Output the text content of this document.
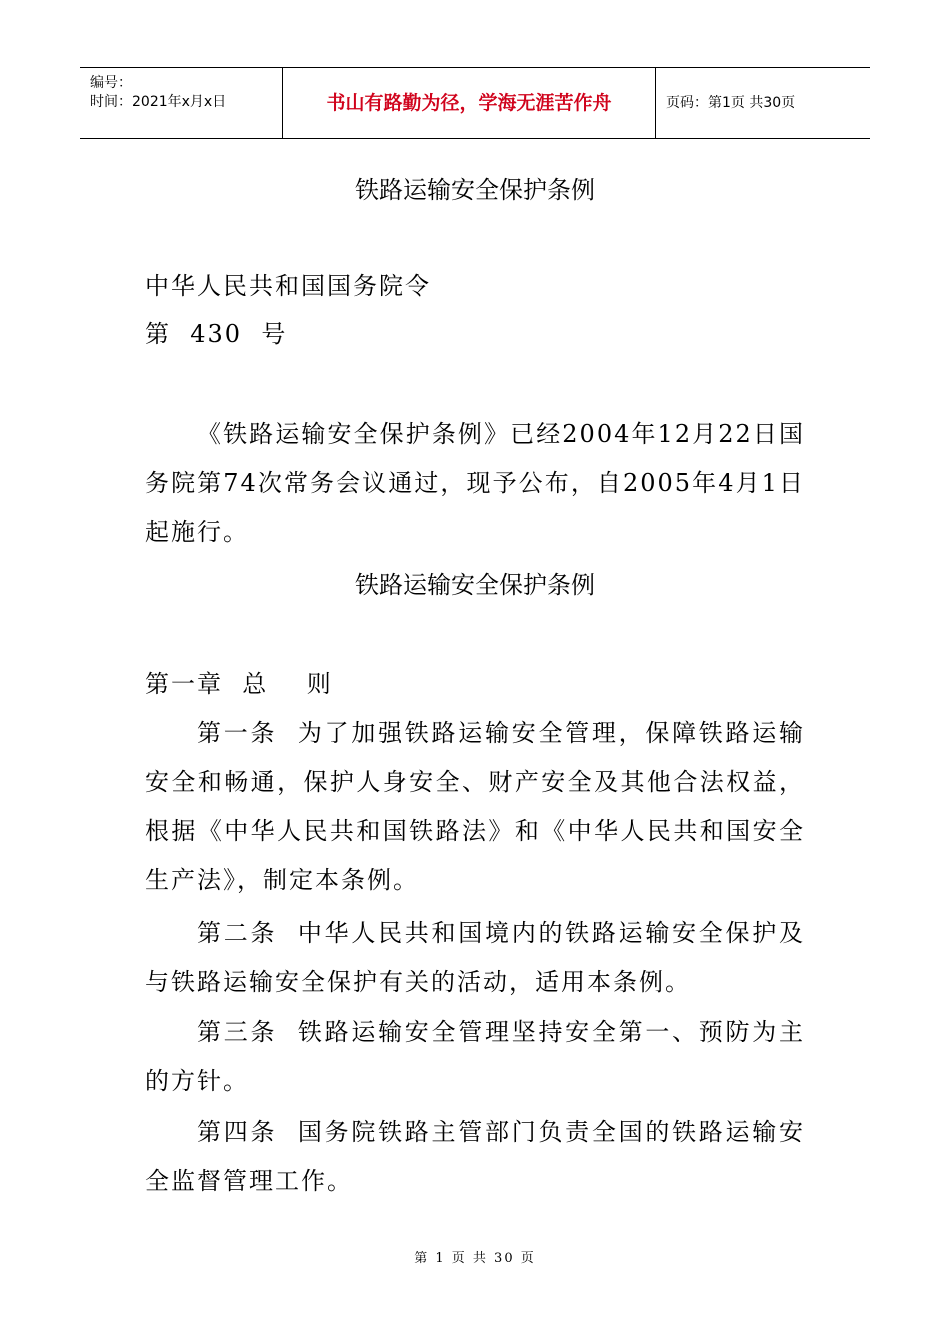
编号：
时间：2021年x月x日	书山有路勤为径，学海无涯苦作舟	页码：第1页 共30页
铁路运输安全保护条例
中华人民共和国国务院令
第  430  号

《铁路运输安全保护条例》已经2004年12月22日国务院第74次常务会议通过，现予公布，自2005年4月1日起施行。

铁路运输安全保护条例
第一章  总    则

第一条  为了加强铁路运输安全管理，保障铁路运输安全和畅通，保护人身安全、财产安全及其他合法权益，根据《中华人民共和国铁路法》和《中华人民共和国安全生产法》，制定本条例。

第二条  中华人民共和国境内的铁路运输安全保护及与铁路运输安全保护有关的活动，适用本条例。

第三条  铁路运输安全管理坚持安全第一、预防为主的方针。

第四条  国务院铁路主管部门负责全国的铁路运输安全监督管理工作。

第 1 页 共 30 页
